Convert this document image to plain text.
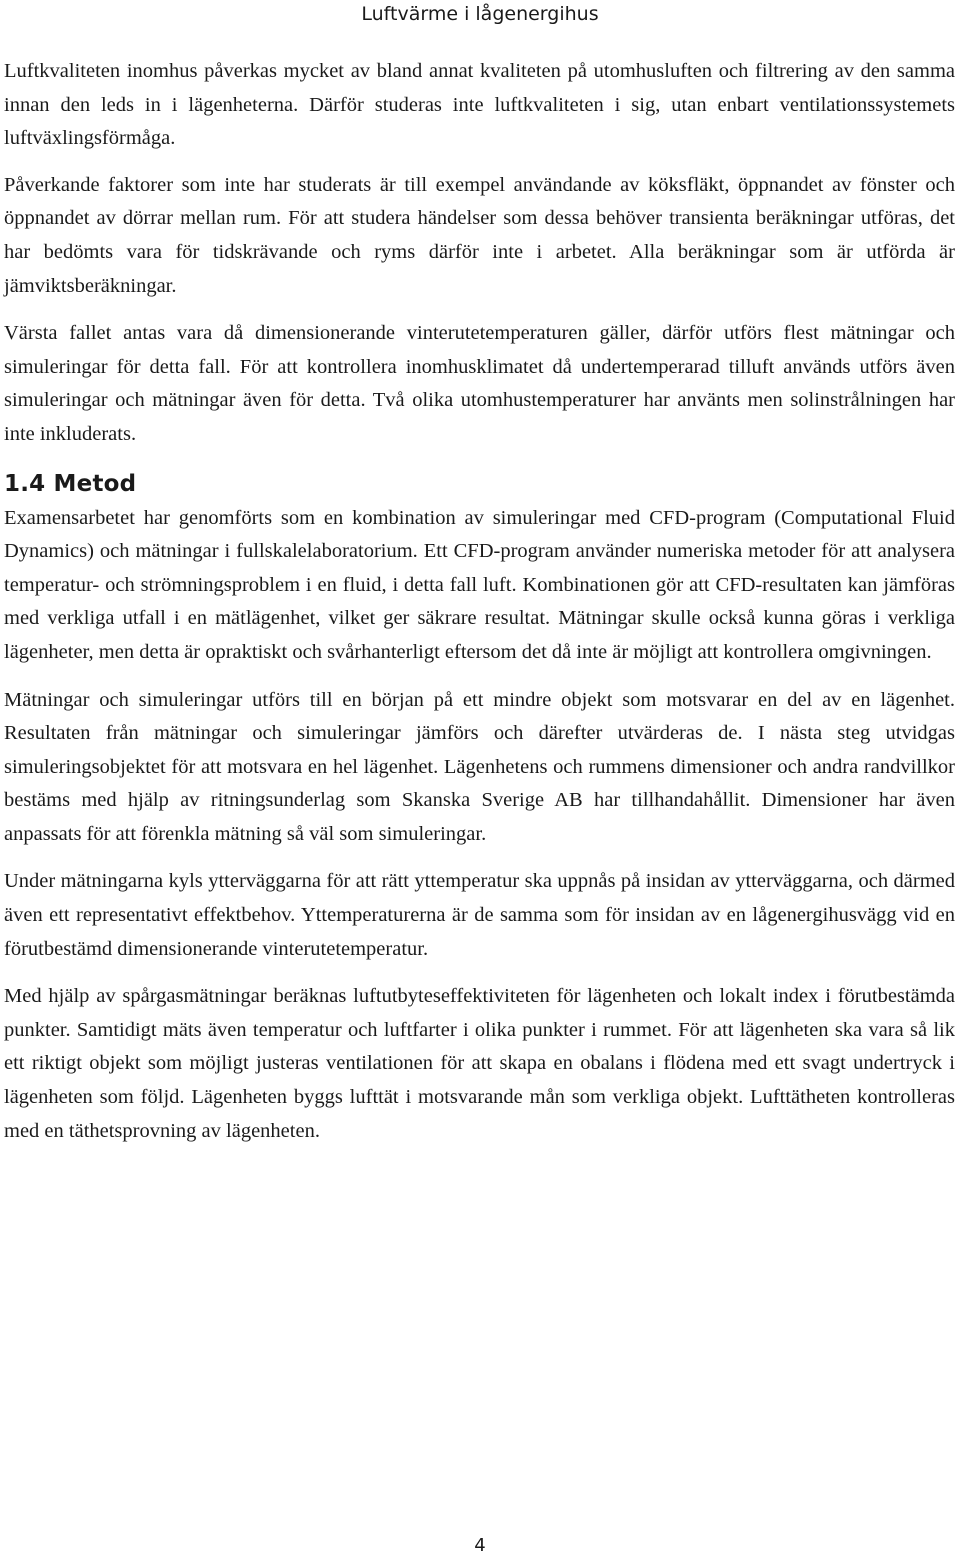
Luftvärme i lågenergihus

Luftkvaliteten inomhus påverkas mycket av bland annat kvaliteten på utomhusluften och filtrering av den samma innan den leds in i lägenheterna. Därför studeras inte luftkvaliteten i sig, utan enbart ventilationssystemets luftväxlingsförmåga.

Påverkande faktorer som inte har studerats är till exempel användande av köksfläkt, öppnandet av fönster och öppnandet av dörrar mellan rum. För att studera händelser som dessa behöver transienta beräkningar utföras, det har bedömts vara för tidskrävande och ryms därför inte i arbetet. Alla beräkningar som är utförda är jämviktsberäkningar.

Värsta fallet antas vara då dimensionerande vinterutetemperaturen gäller, därför utförs flest mätningar och simuleringar för detta fall. För att kontrollera inomhusklimatet då undertemperarad tilluft används utförs även simuleringar och mätningar även för detta. Två olika utomhustemperaturer har använts men solinstrålningen har inte inkluderats.

1.4 Metod

Examensarbetet har genomförts som en kombination av simuleringar med CFD-program (Computational Fluid Dynamics) och mätningar i fullskalelaboratorium. Ett CFD-program använder numeriska metoder för att analysera temperatur- och strömningsproblem i en fluid, i detta fall luft. Kombinationen gör att CFD-resultaten kan jämföras med verkliga utfall i en mätlägenhet, vilket ger säkrare resultat. Mätningar skulle också kunna göras i verkliga lägenheter, men detta är opraktiskt och svårhanterligt eftersom det då inte är möjligt att kontrollera omgivningen.

Mätningar och simuleringar utförs till en början på ett mindre objekt som motsvarar en del av en lägenhet. Resultaten från mätningar och simuleringar jämförs och därefter utvärderas de. I nästa steg utvidgas simuleringsobjektet för att motsvara en hel lägenhet. Lägenhetens och rummens dimensioner och andra randvillkor bestäms med hjälp av ritningsunderlag som Skanska Sverige AB har tillhandahållit. Dimensioner har även anpassats för att förenkla mätning så väl som simuleringar.

Under mätningarna kyls ytterväggarna för att rätt yttemperatur ska uppnås på insidan av ytterväggarna, och därmed även ett representativt effektbehov. Yttemperaturerna är de samma som för insidan av en lågenergihusvägg vid en förutbestämd dimensionerande vinterutetemperatur.

Med hjälp av spårgasmätningar beräknas luftutbyteseffektiviteten för lägenheten och lokalt index i förutbestämda punkter. Samtidigt mäts även temperatur och luftfarter i olika punkter i rummet. För att lägenheten ska vara så lik ett riktigt objekt som möjligt justeras ventilationen för att skapa en obalans i flödena med ett svagt undertryck i lägenheten som följd. Lägenheten byggs lufttät i motsvarande mån som verkliga objekt. Lufttätheten kontrolleras med en täthetsprovning av lägenheten.

4
